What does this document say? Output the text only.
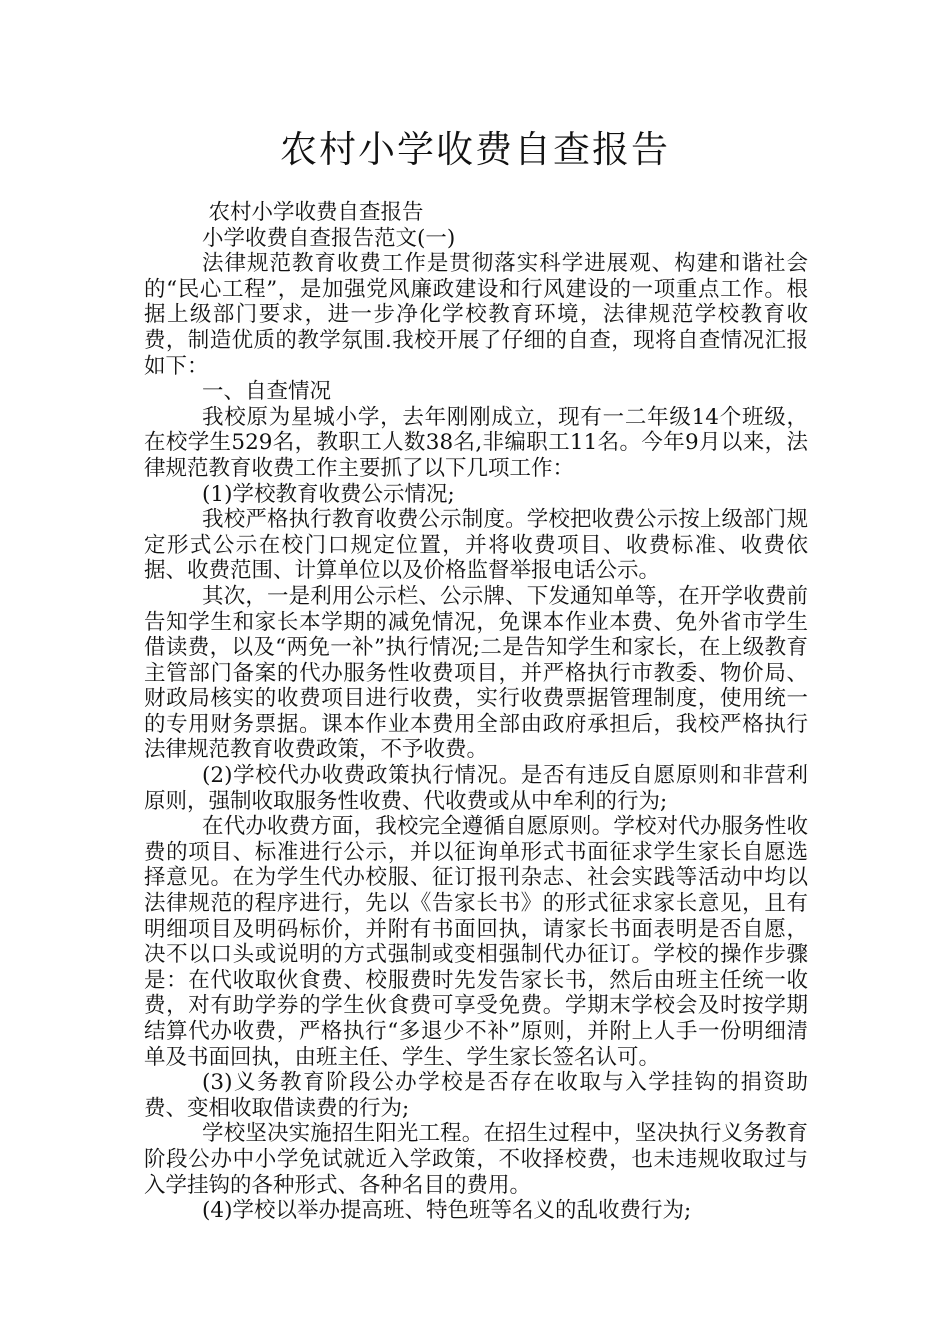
农村小学收费自查报告

农村小学收费自查报告

小学收费自查报告范文(一)

法律规范教育收费工作是贯彻落实科学进展观、构建和谐社会的“民心工程”，是加强党风廉政建设和行风建设的一项重点工作。根据上级部门要求，进一步净化学校教育环境，法律规范学校教育收费，制造优质的教学氛围.我校开展了仔细的自查，现将自查情况汇报如下：

一、自查情况

我校原为星城小学，去年刚刚成立，现有一二年级14个班级，在校学生529名，教职工人数38名,非编职工11名。今年9月以来，法律规范教育收费工作主要抓了以下几项工作：

(1)学校教育收费公示情况;

我校严格执行教育收费公示制度。学校把收费公示按上级部门规定形式公示在校门口规定位置，并将收费项目、收费标准、收费依据、收费范围、计算单位以及价格监督举报电话公示。

其次，一是利用公示栏、公示牌、下发通知单等，在开学收费前告知学生和家长本学期的减免情况，免课本作业本费、免外省市学生借读费，以及“两免一补”执行情况;二是告知学生和家长，在上级教育主管部门备案的代办服务性收费项目，并严格执行市教委、物价局、财政局核实的收费项目进行收费，实行收费票据管理制度，使用统一的专用财务票据。课本作业本费用全部由政府承担后，我校严格执行法律规范教育收费政策，不予收费。

(2)学校代办收费政策执行情况。是否有违反自愿原则和非营利原则，强制收取服务性收费、代收费或从中牟利的行为;

在代办收费方面，我校完全遵循自愿原则。学校对代办服务性收费的项目、标准进行公示，并以征询单形式书面征求学生家长自愿选择意见。在为学生代办校服、征订报刊杂志、社会实践等活动中均以法律规范的程序进行，先以《告家长书》的形式征求家长意见，且有明细项目及明码标价，并附有书面回执，请家长书面表明是否自愿，决不以口头或说明的方式强制或变相强制代办征订。学校的操作步骤是：在代收取伙食费、校服费时先发告家长书，然后由班主任统一收费，对有助学券的学生伙食费可享受免费。学期末学校会及时按学期结算代办收费，严格执行“多退少不补”原则，并附上人手一份明细清单及书面回执，由班主任、学生、学生家长签名认可。

(3)义务教育阶段公办学校是否存在收取与入学挂钩的捐资助费、变相收取借读费的行为;

学校坚决实施招生阳光工程。在招生过程中，坚决执行义务教育阶段公办中小学免试就近入学政策，不收择校费，也未违规收取过与入学挂钩的各种形式、各种名目的费用。

(4)学校以举办提高班、特色班等名义的乱收费行为;
